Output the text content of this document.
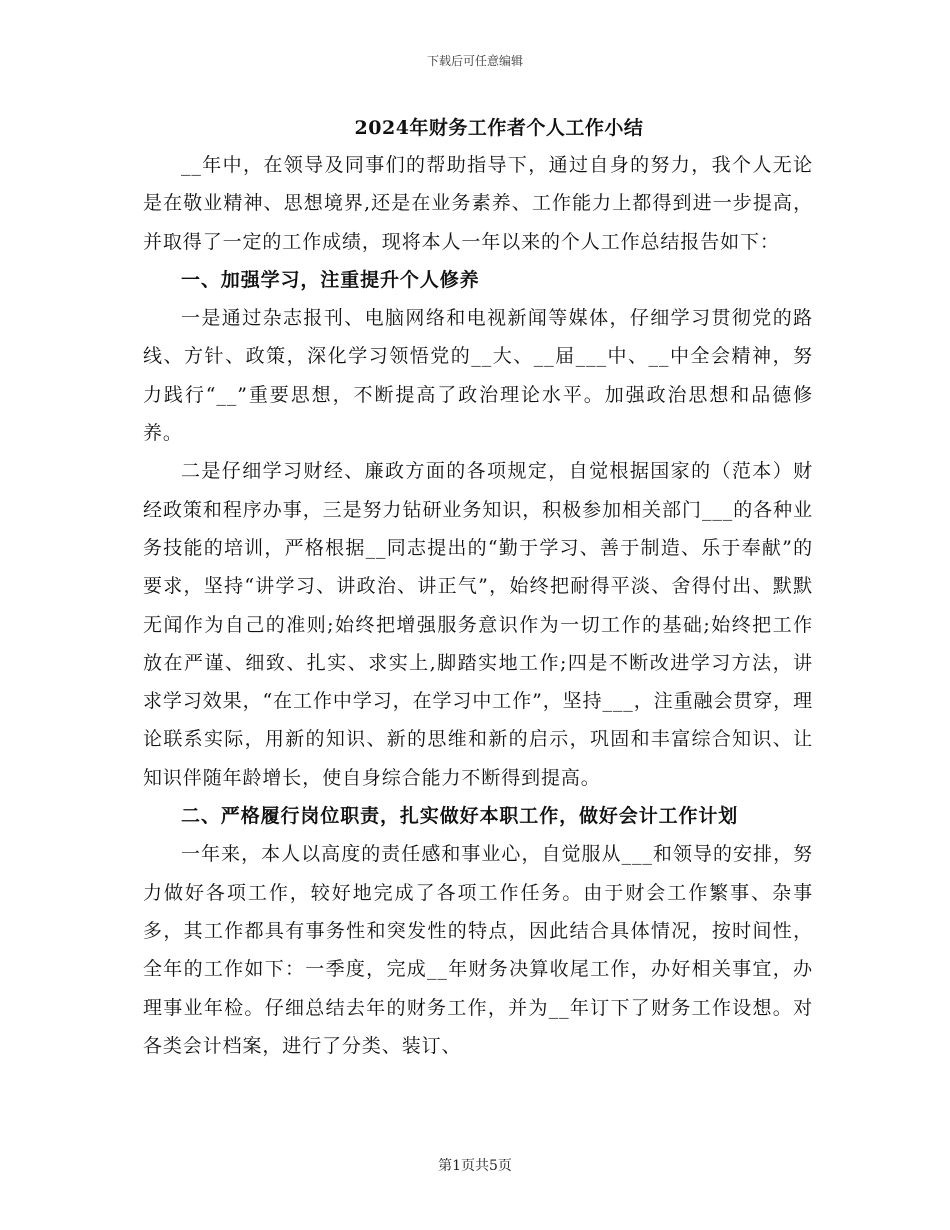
下载后可任意编辑
2024年财务工作者个人工作小结

__年中，在领导及同事们的帮助指导下，通过自身的努力，我个人无论是在敬业精神、思想境界,还是在业务素养、工作能力上都得到进一步提高，并取得了一定的工作成绩，现将本人一年以来的个人工作总结报告如下：

一、加强学习，注重提升个人修养

一是通过杂志报刊、电脑网络和电视新闻等媒体，仔细学习贯彻党的路线、方针、政策，深化学习领悟党的__大、__届___中、__中全会精神，努力践行“__”重要思想，不断提高了政治理论水平。加强政治思想和品德修养。

二是仔细学习财经、廉政方面的各项规定，自觉根据国家的（范本）财经政策和程序办事，三是努力钻研业务知识，积极参加相关部门___的各种业务技能的培训，严格根据__同志提出的“勤于学习、善于制造、乐于奉献”的要求，坚持“讲学习、讲政治、讲正气”，始终把耐得平淡、舍得付出、默默无闻作为自己的准则;始终把增强服务意识作为一切工作的基础;始终把工作放在严谨、细致、扎实、求实上,脚踏实地工作;四是不断改进学习方法，讲求学习效果，“在工作中学习，在学习中工作”，坚持___，注重融会贯穿，理论联系实际，用新的知识、新的思维和新的启示，巩固和丰富综合知识、让知识伴随年龄增长，使自身综合能力不断得到提高。

二、严格履行岗位职责，扎实做好本职工作，做好会计工作计划

一年来，本人以高度的责任感和事业心，自觉服从___和领导的安排，努力做好各项工作，较好地完成了各项工作任务。由于财会工作繁事、杂事多，其工作都具有事务性和突发性的特点，因此结合具体情况，按时间性，全年的工作如下：一季度，完成__年财务决算收尾工作，办好相关事宜，办理事业年检。仔细总结去年的财务工作，并为__年订下了财务工作设想。对各类会计档案，进行了分类、装订、

第1页共5页
